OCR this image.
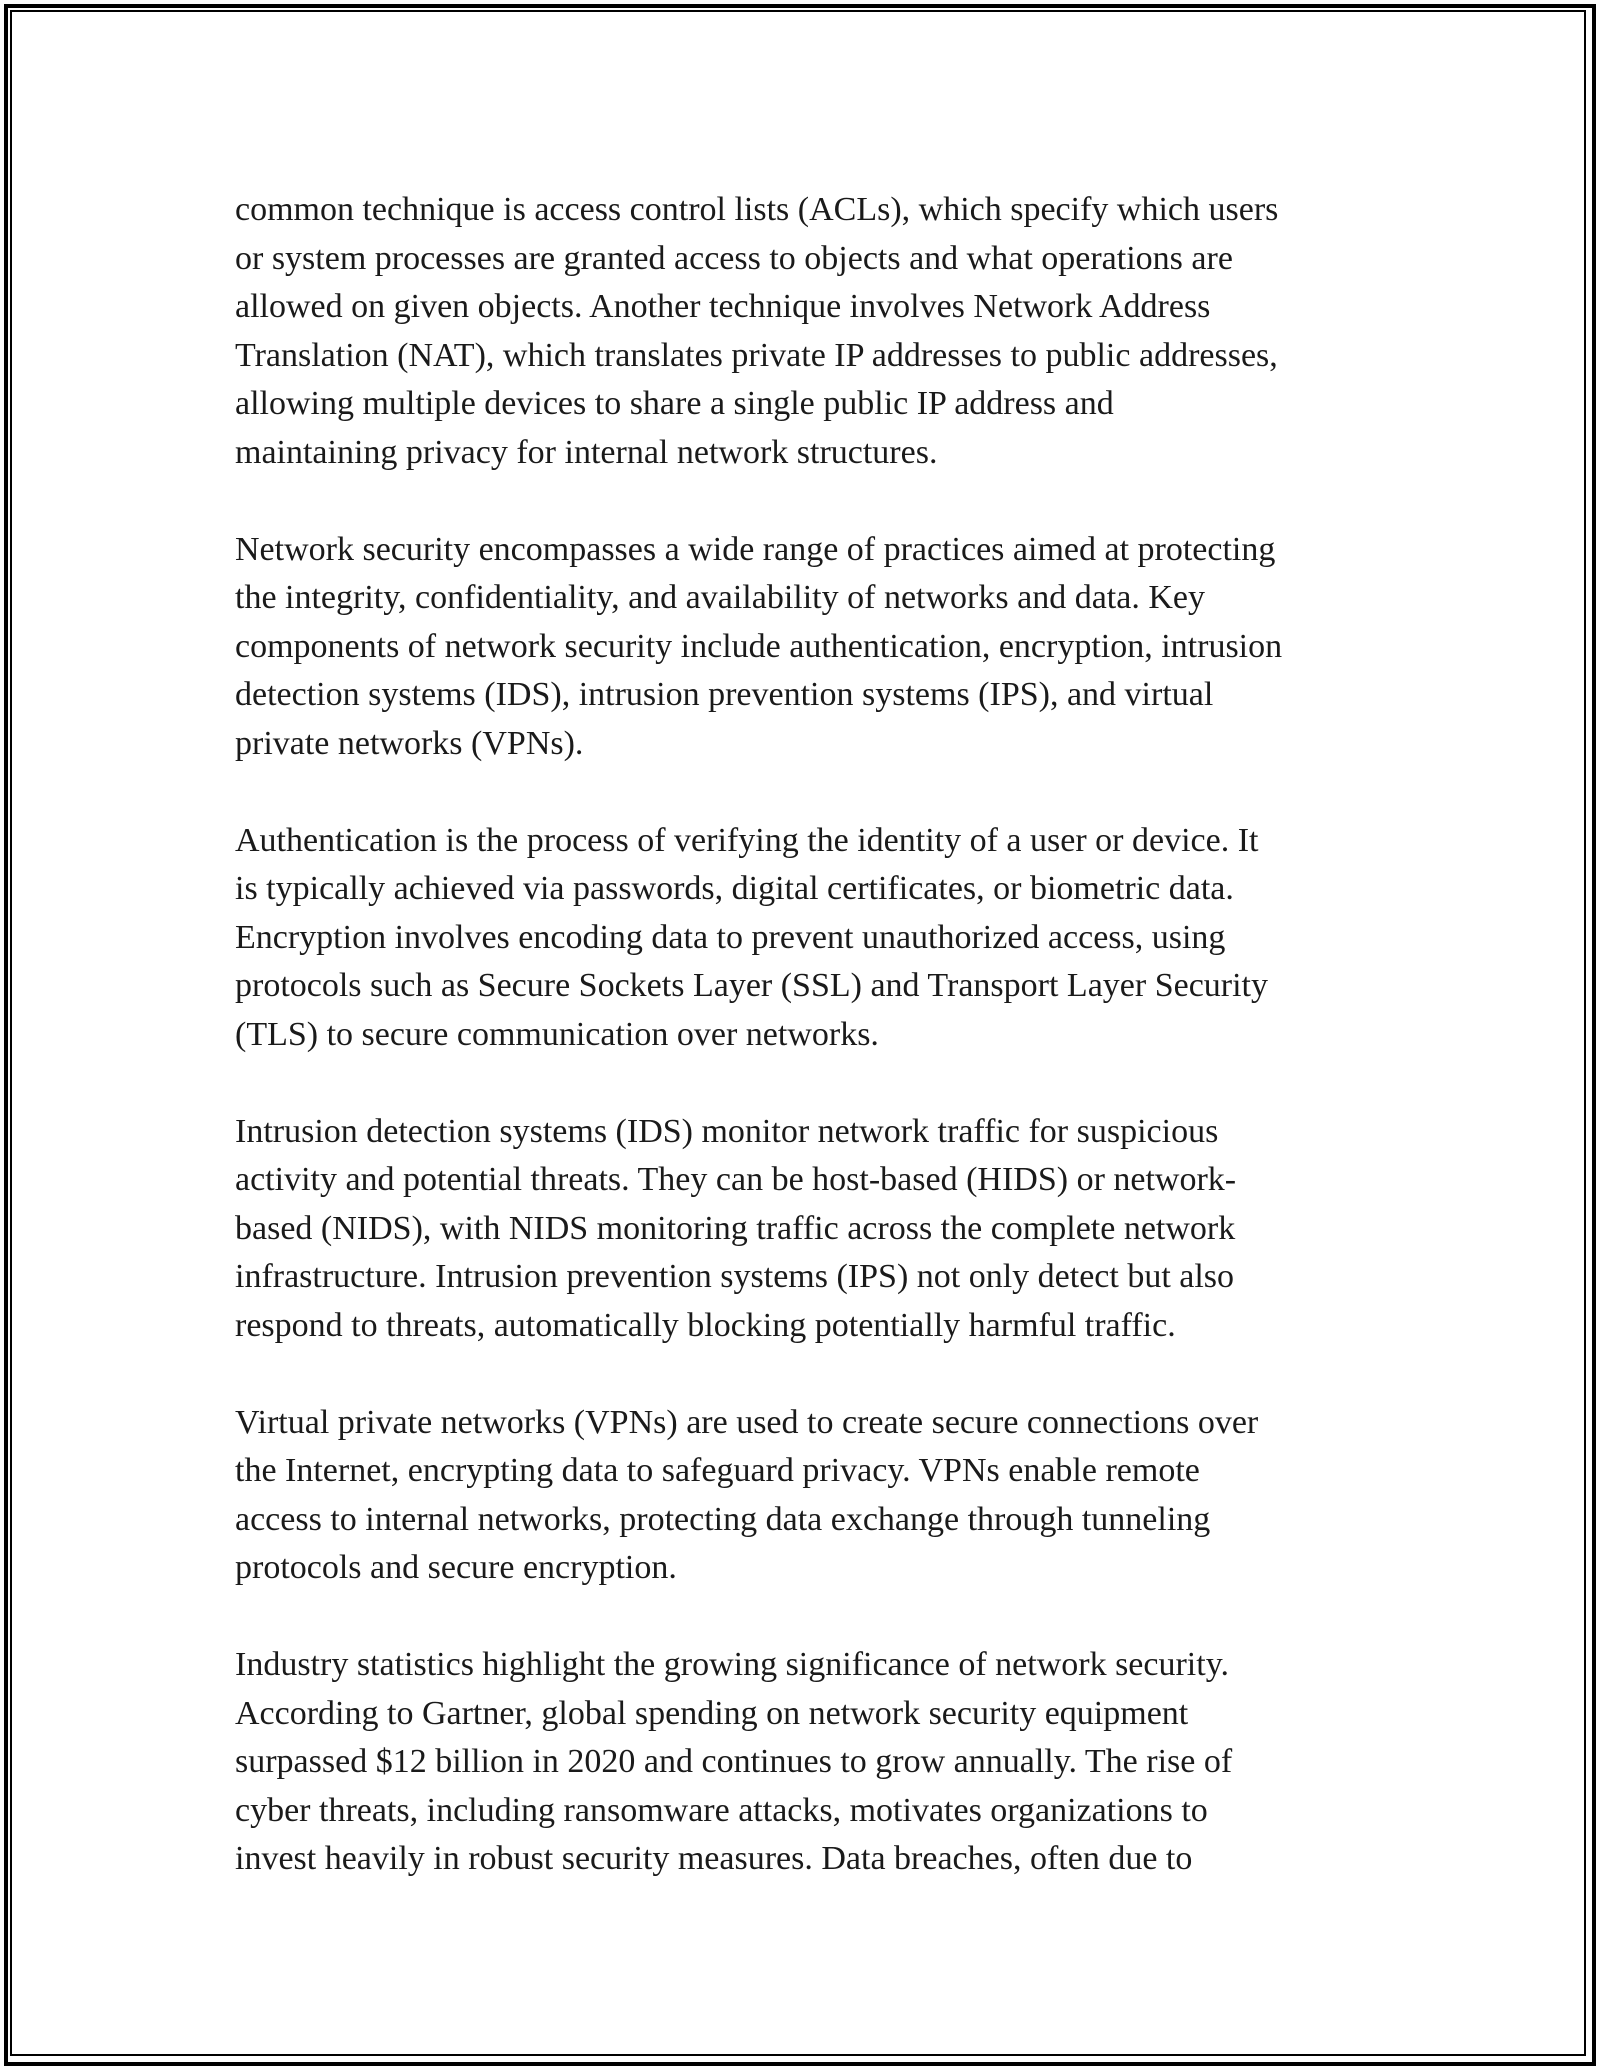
common technique is access control lists (ACLs), which specify which users
or system processes are granted access to objects and what operations are
allowed on given objects. Another technique involves Network Address
Translation (NAT), which translates private IP addresses to public addresses,
allowing multiple devices to share a single public IP address and
maintaining privacy for internal network structures.

Network security encompasses a wide range of practices aimed at protecting
the integrity, confidentiality, and availability of networks and data. Key
components of network security include authentication, encryption, intrusion
detection systems (IDS), intrusion prevention systems (IPS), and virtual
private networks (VPNs).

Authentication is the process of verifying the identity of a user or device. It
is typically achieved via passwords, digital certificates, or biometric data.
Encryption involves encoding data to prevent unauthorized access, using
protocols such as Secure Sockets Layer (SSL) and Transport Layer Security
(TLS) to secure communication over networks.

Intrusion detection systems (IDS) monitor network traffic for suspicious
activity and potential threats. They can be host-based (HIDS) or network-
based (NIDS), with NIDS monitoring traffic across the complete network
infrastructure. Intrusion prevention systems (IPS) not only detect but also
respond to threats, automatically blocking potentially harmful traffic.

Virtual private networks (VPNs) are used to create secure connections over
the Internet, encrypting data to safeguard privacy. VPNs enable remote
access to internal networks, protecting data exchange through tunneling
protocols and secure encryption.

Industry statistics highlight the growing significance of network security.
According to Gartner, global spending on network security equipment
surpassed $12 billion in 2020 and continues to grow annually. The rise of
cyber threats, including ransomware attacks, motivates organizations to
invest heavily in robust security measures. Data breaches, often due to
